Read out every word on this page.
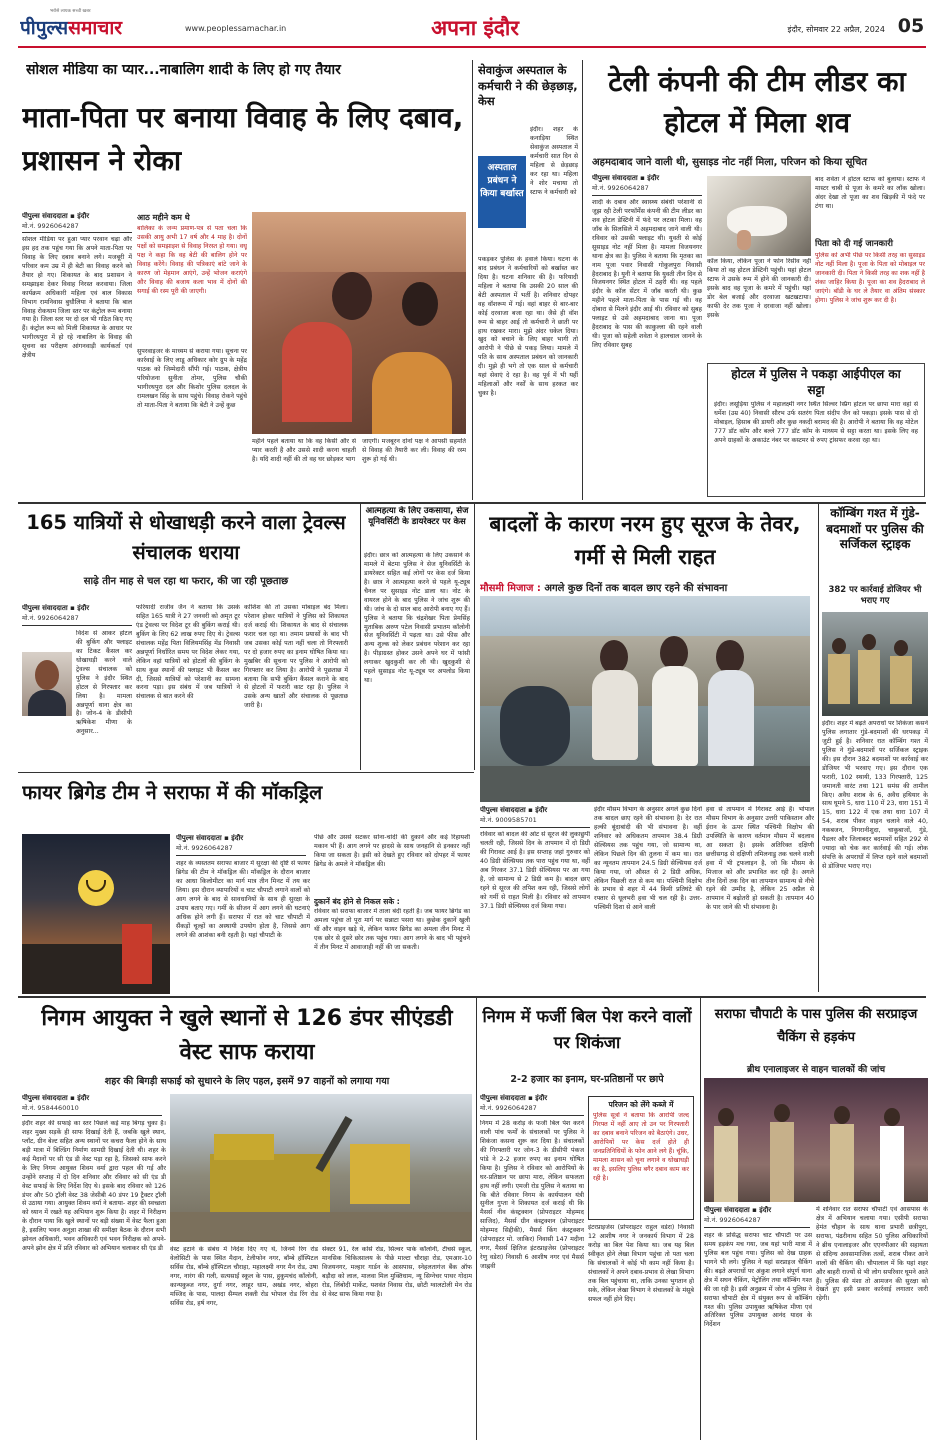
पीपुल्ससमाचार
भरोसे लायक सच्ची खबर
www.peoplessamachar.in	अपना इंदौर	इंदौर, सोमवार 22 अप्रैल, 2024 05
सोशल मीडिया का प्यार...नाबालिग शादी के लिए हो गए तैयार
माता-पिता पर बनाया विवाह के लिए दबाव, प्रशासन ने रोका
पीपुल्स संवाददाता ▪ इंदौर
मो.नं. 9926064287
सोशल मीडिया पर हुआ प्यार परवान चढ़ा और इस हद तक पहुंच गया कि अपने माता-पिता पर विवाह के लिए दबाव बनाने लगे। मजबूरी में परिवार कम उम्र में ही बेटी का विवाह करने को तैयार हो गए। शिकायत के बाद प्रशासन ने समझाइश देकर विवाह निरस्त करवाया। जिला कार्यक्रम अधिकारी महिला एवं बाल विकास विभाग रामनिवास बुधौलिया ने बताया कि बाल विवाह रोकथाम जिला स्तर पर कंट्रोल रूम बनाया गया है। जिला स्तर पर दो दल भी गठित किए गए हैं। कंट्रोल रूम को मिली शिकायत के आधार पर भागीरथपुरा में हो रहे नाबालिग के विवाह की सूचना का परीक्षण आंगनवाड़ी कार्यकर्ता एवं क्षेत्रीय
आठ महीने कम थे
बालिका के जन्म प्रमाण-पत्र से पता चला कि उसकी आयु अभी 17 वर्ष और 4 माह है। दोनों पक्षों को समझाइश से विवाह निरस्त हो गया। वधू पक्ष ने कहा कि वह बेटी की बालिग होने पर विवाह करेंगे। विवाह की पत्रिकाएं बांटे जाने के कारण जो मेहमान आएंगे, उन्हें भोजन कराएंगे और विवाह की बजाय कला भाव में दोनों की सगाई की रस्म पूरी की जाएगी।
सुपरवाइजर के माध्यम से कराया गया। सूचना पर कार्रवाई के लिए लाडू अधिकार कोर ग्रुप के महेंद्र पाठक को जिम्मेदारी सौंपी गई। पाठक, क्षेत्रीय परियोजना सुनीता तोमर, पुलिस चौकी भागीरथपुरा दल और किशोर पुलिस दलदल के रामलखन सिंह के साथ पहुंचे। विवाह रोकने पहुंचे तो माता-पिता ने बताया कि बेटी ने उन्हें कुछ
महीने पहले बताया था कि वह किसी और से प्यार करती है और उससे शादी करना चाहती है। यदि शादी नहीं की तो वह घर छोड़कर भाग
जाएगी। मजबूरन दोनों पक्ष ने आपसी सहमति से विवाह की तैयारी कर ली। विवाह की रस्म शुरू हो गई थी।
सेवाकुंज अस्पताल के कर्मचारी ने की छेड़छाड़, केस
इंदौर। शहर के कनाड़िया स्थित सेवाकुंज अस्पताल में कर्मचारी सात दिन से महिला से छेड़छाड़ कर रहा था। महिला ने शोर मचाया तो स्टाफ ने कर्मचारी को
अस्पताल प्रबंधन ने किया बर्खास्त
पकड़कर पुलिस के हवाले किया। घटना के बाद प्रबंधन ने कर्मचारियों को बर्खास्त कर दिया है। घटना शनिवार की है। फरियादी महिला ने बताया कि उसकी 20 साल की बेटी अस्पताल में भर्ती है। शनिवार दोपहर वह वॉशरूम में गई। वहां बाहर से बार-बार कोई दरवाजा बजा रहा था। जैसे ही वॉश रूम से बाहर आई तो कर्मचारी ने छाती पर हाथ रखकर मारा। मुझे अंदर धकेल दिया। खुद को बचाने के लिए बाहर भागी तो आरोपी ने पीछे से पकड़ लिया। मामले में पति के साथ अस्पताल प्रबंधन को जानकारी दी। मुझे ही भगे तो एक साल से कर्मचारी यहां सेवाएं दे रहा है। वह पूर्व में भी यहीं महिलाओं और नर्सों के साथ हरकत कर चुका है।
टेली कंपनी की टीम लीडर का होटल में मिला शव
अहमदाबाद जाने वाली थी, सुसाइड नोट नहीं मिला, परिजन को किया सूचित
पीपुल्स संवाददाता ▪ इंदौर
मो.नं. 9926064287
शादी के दबाव और स्वास्थ्य संबंधी परेशानी से जूझ रही टेली परफॉर्मेंस कंपनी की टीम लीडर का शव होटल डेस्टिनी में फंदे पर लटका मिला। वह जॉब के सिलसिले में अहमदाबाद जाने वाली थी। रविवार को उसकी फ्लाइट थी। युवती से कोई सुसाइड नोट नहीं मिला है। मामला विजयनगर थाना क्षेत्र का है। पुलिस ने बताया कि मृतका का नाम पूजा पवार निवासी गोकुलपुरा निवासी हैदराबाद है। यूनी ने बताया कि युवती तीन दिन से विजयनगर स्थित होटल में ठहरी थी। वह पहले इंदौर के कॉल सेंटर में जॉब करती थी। कुछ महीने पहले माता-पिता के पास गई थी। वह दोबारा से मिलने इंदौर आई थी। रविवार को सुबह फ्लाइट से उसे अहमदाबाद जाना था। पूजा हैदराबाद के पास की काकुल्ला की रहने वाली थी। पूजा को सहेली शवेता ने हालचाल जानने के लिए रविवार सुबह
कॉल किया, लेकिन पूजा ने फोन रिसीव नहीं किया तो वह होटल डेस्टिनी पहुंची। यहां होटल स्टाफ ने उसके रूम में होने की जानकारी दी। इसके बाद वह पूजा के कमरे में पहुंची। यहां डोर बेल बजाई और दरवाजा खटखटाया। काफी देर तक पूजा ने दरवाजा नहीं खोला। इसके
बाद शवेता ने होटल स्टाफ को बुलाया। स्टाफ ने मास्टर चाबी से पूजा के कमरे का लॉक खोला। अंदर देखा तो पूजा का शव खिड़की में फंदे पर टंगा था।
पिता को दी गई जानकारी
पुलिस को अभी पीछे पर किसी तरह का सुसाइड नोट नहीं मिला है। पूजा के पिता को मोबाइल पर जानकारी दी। पिता ने किसी तरह का शक नहीं है शंका जाहिर किया है। पूजा का शव हैदराबाद ले जाएंगे। बॉडी के घर ले तैयार वा अंतिम संस्कार होगा। पुलिस ने जांच शुरू कर दी है।
होटल में पुलिस ने पकड़ा आईपीएल का सट्टा
इंदौर। लसूड़िया पुलिस ने महालक्ष्मी नगर स्थित सिल्वर स्प्रिंग होटल पर छापा मारा वहां से धर्मेश (उम्र 40) निवासी सौरभ उर्फ सतरंग पिता संदीप जैन को पकड़ा। इसके पास से दो मोबाइल, हिसाब की डायरी और कुछ नकदी बरामद की है। आरोपी ने बताया कि वह मोटेल 777 डॉट कॉम और बल्ले 777 डॉट कॉम के माध्यम से सट्टा करता था। इसके लिए वह अपने ग्राहकों के अकाउंट नंबर पर कस्टमर से रुपए ट्रांसफर करवा रहा था।
165 यात्रियों से धोखाधड़ी करने वाला ट्रेवल्स संचालक धराया
साढ़े तीन माह से चल रहा था फरार, की जा रही पूछताछ
पीपुल्स संवाददाता ▪ इंदौर
मो.नं. 9926064287
विदेश से आकर होटल की बुकिंग और फ्लाइट का टिकट कैंसल कर धोखाधड़ी करने वाले ट्रेवल्स संचालक को पुलिस ने इंदौर स्थित होटल से गिरफ्तार कर लिया है। मामला अन्नपूर्णा थाना क्षेत्र का है। जोन-4 के डीसीपी ऋषिकेश मीणा के अनुसार...
फरियादी राजीव जैन ने बताया कि उसके सहित 165 यात्री ने 27 जनवरी को अमृत टूर एंड ट्रेवल्स पर विदेश टूर की बुकिंग कराई थी। बुकिंग के लिए 62 लाख रुपए दिए थे। ट्रेवल्स संचालक महेंद्र पिता विलियमसिंह मेंड निवासी अन्नपूर्णा निर्धारित समय पर विदेश लेकर गया, लेकिन वहां यात्रियों को होटलों की बुकिंग के साथ कुछ स्थानों की फ्लाइट भी कैंसल कर दी, जिससे यात्रियों को परेशानी का सामना करना पड़ा। इस संबंध में जब यात्रियों ने संचालक से बात करने की
कोशिश की तो उसका मोबाइल बंद मिला। परेशान होकर यात्रियों ने पुलिस को शिकायत दर्ज कराई थी। शिकायत के बाद से संचालक फरार चल रहा था। तमाम प्रयासों के बाद भी जब उसका कोई पता नहीं चला तो गिरफ्तारी पर दो हजार रुपए का इनाम घोषित किया था। मुखबिर की सूचना पर पुलिस ने आरोपी को गिरफ्तार कर लिया है। आरोपी ने पूछताछ में बताया कि सभी बुकिंग कैंसल कराने के बाद से होटलों में फरारी काट रहा है। पुलिस ने उसके अन्य खातों और संचालक से पूछताछ जारी है।
आत्महत्या के लिए उकसाया, सेज यूनिवर्सिटी के डायरेक्टर पर केस
इंदौर। छात्र को आत्महत्या के लिए उकसाने के मामले में बेटमा पुलिस ने सेज यूनिवर्सिटी के डायरेक्टर सहित कई लोगों पर केस दर्ज किया है। छात्र ने आत्महत्या करने से पहले यू-ट्यूब चैनल पर सुसाइड नोट डाला था। नोट के वायरल होने के बाद पुलिस ने जांच शुरू की थी। जांच के दो साल बाद आरोपी बनाए गए हैं। पुलिस ने बताया कि चंद्रशेखर पिता प्रेमसिंह मुताबिक अरुण पटेल निवासी प्रभातम कॉलोनी सेज यूनिवर्सिटी में पढ़ता था। उसे फीस और अन्य शुल्क को लेकर प्रबंधन परेशान कर रहा है। पीड़ाग्रस्त होकर उसने अपने घर में फांसी लगाकर खुदकुशी कर ली थी। खुदकुशी से पहले सुसाइड नोट यू-ट्यूब पर अपलोड किया था।
बादलों के कारण नरम हुए सूरज के तेवर, गर्मी से मिली राहत
मौसमी मिजाज : अगले कुछ दिनों तक बादल छाए रहने की संभावना
पीपुल्स संवाददाता ▪ इंदौर
मो.नं. 9009585701
रविवार को बादल की ओट से सूरज की लुकाछुपी चलती रही, जिससे दिन के तापमान में दो डिग्री की गिरावट आई है। इस सप्ताह जहां गुरुवार को 40 डिग्री सेल्सियस तक पारा पहुंच गया था, वहीं अब गिरकर 37.1 डिग्री सेल्सियस पर आ गया है, जो सामान्य से 2 डिग्री कम है। बादल छाए रहने से सूरज की तपिश कम रही, जिससे लोगों को गर्मी से राहत मिली है। रविवार को तापमान 37.1 डिग्री सेल्सियस दर्ज किया गया।
इंदौर मौसम विभाग के अनुसार अगले कुछ दिनों तक बादल छाए रहने की संभावना है। देर रात हल्की बूंदाबांदी की भी संभावना है। वहीं शनिवार को अधिकतम तापमान 38.4 डिग्री सेल्सियस तक पहुंच गया, जो सामान्य था, लेकिन पिछले दिन की तुलना में कम था। रात का न्यूनतम तापमान 24.5 डिग्री सेल्सियस दर्ज किया गया, जो औसत से 2 डिग्री अधिक, लेकिन पिछली रात से कम था। पश्चिमी विक्षोभ के प्रभाव से शहर में 44 किमी प्रतिघंटे की रफ्तार से धूलभरी हवा भी चल रही है। उत्तर-पश्चिमी दिशा से आने वाली
हवा से तापमान में गिरावट आई है। भोपाल मौसम विभाग के अनुसार उत्तरी पाकिस्तान और ईरान के ऊपर स्थित पश्चिमी विक्षोभ की उपस्थिति के कारण वर्तमान मौसम में बदलाव आ सकता है। इसके अतिरिक्त दक्षिणी छत्तीसगढ़ से दक्षिणी तमिलनाडु तक चलने वाली हवा में भी ट्रफलाइन है, जो कि मौसम के मिजाज को और प्रभावित कर रही है। अगले तीन दिनों तक दिन का तापमान सामान्य से नीचे रहने की उम्मीद है, लेकिन 25 अप्रैल से तापमान में बढ़ोतरी हो सकती है। तापमान 40 के पार जाने की भी संभावना है।
कॉम्बिंग गश्त में गुंडे-बदमाशों पर पुलिस की सर्जिकल स्ट्राइक
382 पर कार्रवाई डोजियर भी भराए गए
इंदौर। शहर में बढ़ते अपराधों पर शिकंजा कसने पुलिस लगातार गुंडे-बदमाशों की धरपकड़ में जुटी हुई है। शनिवार रात कॉम्बिंग गश्त में पुलिस ने गुंडे-बदमाशों पर सर्जिकल स्ट्राइक की। इस दौरान 382 बदमाशों पर कार्रवाई कर डोजियर भी भरवाए गए। इस दौरान एक फरारी, 102 स्थायी, 133 गिरफ्तारी, 125 जमानती वारंट तथा 121 समंस की तामील किए। अवैध शराब के 6, अवैध हथियार के साथ घूमने 5, धारा 110 में 23, धारा 151 में 15, धारा 122 में एक तथा धारा 107 में 54, शराब पीकर वाहन चलाने वाले 40, नकबजन, निगरानीशुदा, चाकूबाजों, गुंडे, पैडलर और जिलाबदर बदमाशों सहित 292 से ज्यादा को चेक कर कार्रवाई की गई। लोक संपत्ति के अपराधों में लिप्त रहने वाले बदमाशों से डोजियर भराए गए।
फायर ब्रिगेड टीम ने सराफा में की मॉकड्रिल
पीपुल्स संवाददाता ▪ इंदौर
मो.नं. 9926064287
शहर के व्यस्ततम सराफा बाजार में सुरक्षा की दृष्टि से फायर ब्रिगेड की टीम ने मॉकड्रिल की। मॉकड्रिल के दौरान बाजार का आधा किलोमीटर का मार्ग मात्र तीन मिनट में तय कर लिया। इस दौरान व्यापारियों व चाट चौपाटी लगाने वालों को आग लगने के बाद से सावधानियों के साथ ही सुरक्षा के उपाय बताए गए। गर्मी के सीजन में आग लगने की घटनाएं अधिक होने लगी हैं। सराफा में रात को चाट चौपाटी में सैंकड़ों चूल्हों का अस्थायी उपयोग होता है, जिससे आग लगने की आशंका बनी रहती है। यहां चौपाटी के
पीछे और उससे सटकर सोना-चांदी की दुकानें और कई रिहायशी मकान भी हैं। आग लगने पर हादसे के साथ जनहानि से इनकार नहीं किया जा सकता है। इसी को देखते हुए रविवार को दोपहर में फायर ब्रिगेड के अमले ने मॉकड्रिल की।
दुकानें बंद होने से निकल सके :
रविवार को सराफा बाजार में ताला बंदी रहती है। जब फायर ब्रिगेड का अमला पहुंचा तो पूरा मार्ग पर सन्नाटा पसरा था। कुछेक दुकानें खुली थीं और वाहन खड़े थे, लेकिन फायर ब्रिगेड का अमला तीन मिनट में एक छोर से दूसरे छोर तक पहुंच गया। आग लगने के बाद भी पहुंचने में तीन मिनट में आवाजाही नहीं की जा सकती।
निगम आयुक्त ने खुले स्थानों से 126 डंपर सीएंडडी वेस्ट साफ कराया
शहर की बिगड़ी सफाई को सुधारने के लिए पहल, इसमें 97 वाहनों को लगाया गया
पीपुल्स संवाददाता ▪ इंदौर
मो.नं. 9584460010
इंदौर शहर की सफाई का स्तर पिछले कई माह बिगड़ चुका है। शहर मुख्य सड़कें ही साफ दिखाई देती हैं, जबकि खुले स्थान, प्लॉट, ग्रीन बेल्ट सहित अन्य स्थानों पर कचरा फैला होने के साथ बड़ी मात्रा में बिल्डिंग निर्माण सामग्री दिखाई देती थी। शहर के कई मैदानों पर सी एंड डी वेस्ट पड़ा रहा है, जिसको साफ करने के लिए निगम आयुक्त शिवम वर्मा द्वारा पहल की गई और उन्होंने सप्ताह में दो दिन शनिवार और रविवार को सी एंड डी वेस्ट सफाई के लिए निर्देश दिए थे। इसके बाद रविवार को 126 डंपर और 50 ट्रॉली वेस्ट 38 जेसीबी 40 डंपर 19 ट्रैक्टर ट्रॉली से उठाया गया। आयुक्त शिवम वर्मा ने बताया- शहर की स्वच्छता को ध्यान में रखते यह अभियान शुरू किया है। शहर में निरीक्षण के दौरान पाया कि खुले स्थानों पर बड़ी संख्या में वेस्ट फैला हुआ है, इसलिए भवन अनुज्ञा शाखा की समीक्षा बैठक के दौरान सभी झोनल अधिकारी, भवन अधिकारी एवं भवन निरीक्षक को अपने-अपने झोन क्षेत्र में प्रति रविवार को अभियान चलाकर सी एंड डी	वेस्ट हटाने के संबंध में निर्देश दिए गए थे, जिनमें रिंग रोड वेलोसिटी के पास स्थित मैदान, टेलीफोन नगर, बॉम्बे हॉस्पिटल सर्विस रोड, बॉम्बे हॉस्पिटल चौराहा, महालक्ष्मी नगर मैन रोड, उषा नगर, नारंग की गली, सत्यसाईं स्कूल के पास, हुकुमचंद कॉलोनी, कान्यकुब्ज नगर, दुर्गा नगर, लाहूर धाम, अखंड नगर, बोहरा मस्जिद के पास, पालदा सैम्पल शक्ती रोड भोपाल रोड रिंग रोड सर्विस रोड, हर्ष नगर,
सेक्टर 91, रेल कोर्स रोड, सिल्वर पार्क कॉलोनी, टीचर्स स्कूल, मानसिक चिकित्सालय के पीछे माल्टा चौराहा रोड, एमआर-10 विजयनगर, मल्हार गार्डन के आसपास, स्नेहलतागंज बैंक ऑफ बड़ौदा को लाल, मालवा मिल मुक्तिधाम, न्यू सिग्नेचर पाथर गोदाम रोड, लिंबोदी मार्केट, यशवंत निवास रोड, छोटी ग्वालटोली मेन रोड से वेस्ट साफ किया गया है।
निगम में फर्जी बिल पेश करने वालों पर शिकंजा
2-2 हजार का इनाम, घर-प्रतिष्ठानों पर छापे
पीपुल्स संवाददाता ▪ इंदौर
मो.नं. 9926064287	परिजन को लेंगे कब्जे में
पुलिस सूत्रों ने बताया कि आरोपी जल्द गिरफ्त में नहीं आए तो उन पर गिरफ्तारी का दबाव बनाने परिजन को बैठाएंगे। उधर, आरोपियों पर केस दर्ज होते ही जनप्रतिनिधियों के फोन आने लगे हैं। चूंकि, मामला शासन को चूना लगाने व धोखाधड़ी का है, इसलिए पुलिस बगैर दबाव काम कर रही है।
निगम में 28 करोड़ के फर्जी बिल पेश करने वाली पांच फर्मों के संचालकों पर पुलिस ने शिकंजा कसना शुरू कर दिया है। संचालकों की गिरफ्तारी पर जोन-3 के डीसीपी पंकज पांडे ने 2-2 हजार रुपए का इनाम घोषित किया है। पुलिस ने रविवार को आरोपियों के घर-प्रतिष्ठान पर छापा मारा, लेकिन सफलता हाथ नहीं लगी। एमजी रोड पुलिस ने बताया था कि बीते रविवार निगम के कार्यपालन यंत्री सुनील गुप्ता ने शिकायत दर्ज कराई थी कि मैसर्स नीव कंस्ट्रक्शन (प्रोपराइटर मोहम्मद साजिद), मैसर्स ग्रीन कंस्ट्रक्शन (प्रोपराइटर मोहम्मद सिद्दीकी), मैसर्स किंग कंस्ट्रक्शन (प्रोपराइटर मो. जाकिर) निवासी 147 मदीना नगर, मैसर्स क्षितिज इंटरप्राइजेस (प्रोपराइटर रेणु वडेरा) निवासी 6 आशीष नगर एवं मैसर्स जाह्नवी
इंटरप्राइजेस (प्रोपराइटर राहुल वडेरा) निवासी 12 आशीष नगर ने जनकार्य विभाग में 28 करोड़ का बिल पेश किया था। जब यह बिल स्वीकृत होने लेखा विभाग पहुंचा तो पता चला कि संचालकों ने कोई भी काम नहीं किया है। संचालकों ने अपने दबाव-प्रभाव से लेखा विभाग तक बिल पहुंचाया था, ताकि उनका भुगतान हो सके, लेकिन लेखा विभाग ने संचालकों के मंसूबे सफल नहीं होने दिए।
सराफा चौपाटी के पास पुलिस की सरप्राइज चैकिंग से हड़कंप
ब्रीथ एनालाइजर से वाहन चालकों की जांच
पीपुल्स संवाददाता ▪ इंदौर
मो.नं. 9926064287
शहर के प्रसिद्ध सराफा चाट चौपाटी पर उस समय हड़कंप मच गया, जब यहां भारी मात्रा में पुलिस बल पहुंच गया। पुलिस को देख ग्राहक भागने भी लगे। पुलिस ने यहां सरप्राइज चैकिंग की। बढ़ते अपराधों पर अंकुश लगाने संपूर्ण थाना क्षेत्र में सघन चैकिंग, पेट्रोलिंग तथा कॉम्बिंग गश्त की जा रही है। इसी अनुक्रम में जोन 4 पुलिस ने सराफा चौपाटी क्षेत्र में संयुक्त रूप से कॉम्बिंग गश्त की। पुलिस उपायुक्त ऋषिकेश मीणा एवं अतिरिक्त पुलिस उपायुक्त आनंद यादव के निर्देशन
में शनिवार रात सराफा चौपाटी एवं आसपास के क्षेत्र में अभियान चलाया गया। एसीपी सराफा हेमंत चौहान के साथ थाना प्रभारी छत्रीपुरा, सराफा, पंढरीनाथ सहित 50 पुलिस अधिकारियों ने ब्रीथ एनालाइजर और एएनपीआर की सहायता से संदिग्ध अवसामाजिक तत्वों, शराब पीकर आने वालों की चैकिंग की। चौपालाल में कि यहां शहर और बाहरी राज्यों से भी लोग सपरिवार घूमने आते हैं। पुलिस की मंशा तो आमजन की सुरक्षा को देखते हुए इसी प्रकार कार्रवाई लगातार जारी रहेगी।
